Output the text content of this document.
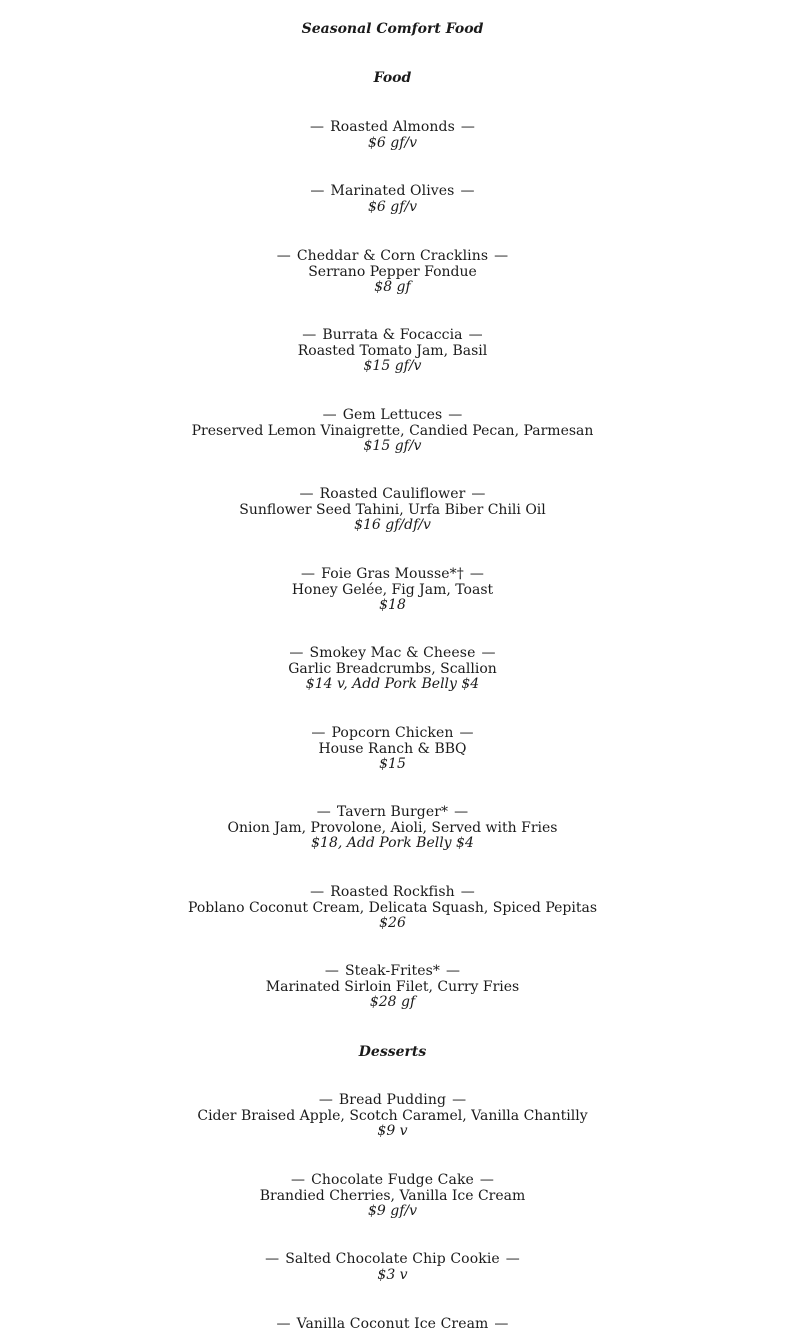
Seasonal Comfort Food
Food
— Roasted Almonds —
$6 gf/v
— Marinated Olives —
$6 gf/v
— Cheddar & Corn Cracklins —
Serrano Pepper Fondue
$8 gf
— Burrata & Focaccia —
Roasted Tomato Jam, Basil
$15 gf/v
— Gem Lettuces —
Preserved Lemon Vinaigrette, Candied Pecan, Parmesan
$15 gf/v
— Roasted Cauliflower —
Sunflower Seed Tahini, Urfa Biber Chili Oil
$16 gf/df/v
— Foie Gras Mousse*† —
Honey Gelée, Fig Jam, Toast
$18
— Smokey Mac & Cheese —
Garlic Breadcrumbs, Scallion
$14 v, Add Pork Belly $4
— Popcorn Chicken —
House Ranch & BBQ
$15
— Tavern Burger* —
Onion Jam, Provolone, Aioli, Served with Fries
$18, Add Pork Belly $4
— Roasted Rockfish —
Poblano Coconut Cream, Delicata Squash, Spiced Pepitas
$26
— Steak-Frites* —
Marinated Sirloin Filet, Curry Fries
$28 gf
Desserts
— Bread Pudding —
Cider Braised Apple, Scotch Caramel, Vanilla Chantilly
$9 v
— Chocolate Fudge Cake —
Brandied Cherries, Vanilla Ice Cream
$9 gf/v
— Salted Chocolate Chip Cookie —
$3 v
— Vanilla Coconut Ice Cream —
